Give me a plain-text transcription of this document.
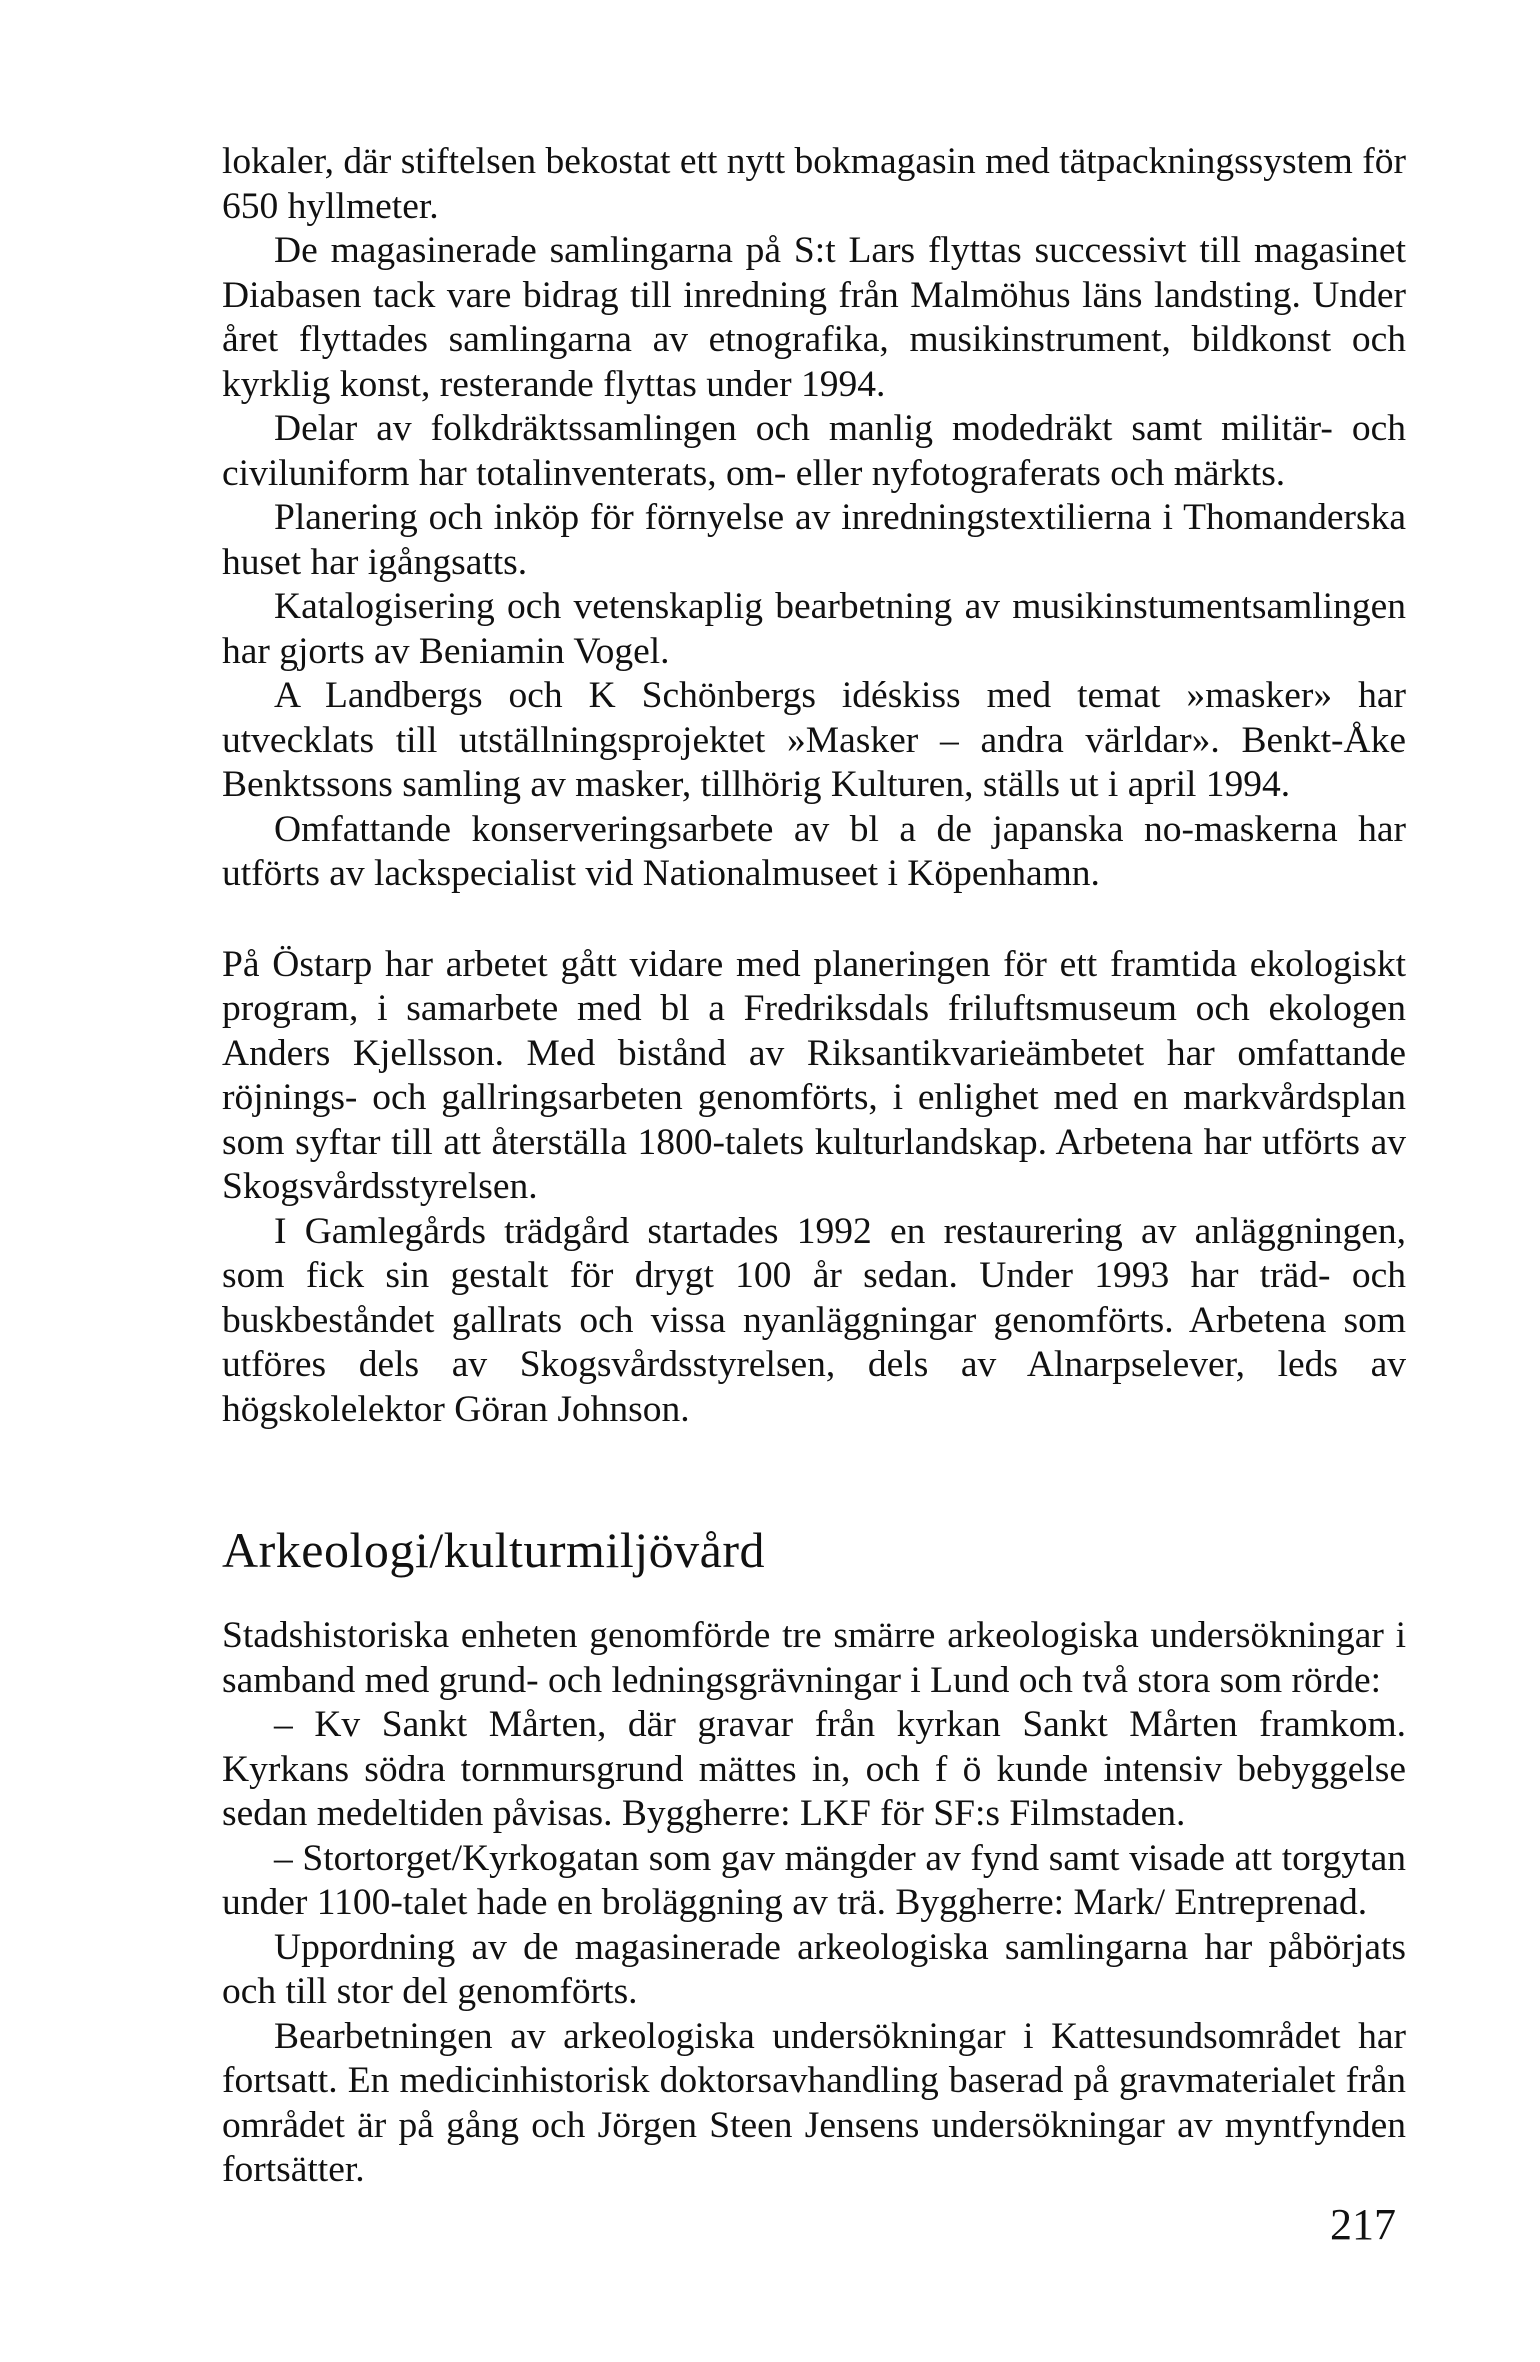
lokaler, där stiftelsen bekostat ett nytt bokmagasin med tätpackningssystem för 650 hyllmeter.

De magasinerade samlingarna på S:t Lars flyttas successivt till magasinet Diabasen tack vare bidrag till inredning från Malmöhus läns landsting. Under året flyttades samlingarna av etnografika, musikinstrument, bildkonst och kyrklig konst, resterande flyttas under 1994.

Delar av folkdräktssamlingen och manlig modedräkt samt militär- och civiluniform har totalinventerats, om- eller nyfotograferats och märkts.

Planering och inköp för förnyelse av inredningstextilierna i Thomanderska huset har igångsatts.

Katalogisering och vetenskaplig bearbetning av musikinstumentsamlingen har gjorts av Beniamin Vogel.

A Landbergs och K Schönbergs idéskiss med temat »masker» har utvecklats till utställningsprojektet »Masker – andra världar». Benkt-Åke Benktssons samling av masker, tillhörig Kulturen, ställs ut i april 1994.

Omfattande konserveringsarbete av bl a de japanska no-maskerna har utförts av lackspecialist vid Nationalmuseet i Köpenhamn.

På Östarp har arbetet gått vidare med planeringen för ett framtida ekologiskt program, i samarbete med bl a Fredriksdals friluftsmuseum och ekologen Anders Kjellsson. Med bistånd av Riksantikvarieämbetet har omfattande röjnings- och gallringsarbeten genomförts, i enlighet med en markvårdsplan som syftar till att återställa 1800-talets kulturlandskap. Arbetena har utförts av Skogsvårdsstyrelsen.

I Gamlegårds trädgård startades 1992 en restaurering av anläggningen, som fick sin gestalt för drygt 100 år sedan. Under 1993 har träd- och buskbeståndet gallrats och vissa nyanläggningar genomförts. Arbetena som utföres dels av Skogsvårdsstyrelsen, dels av Alnarpselever, leds av högskolelektor Göran Johnson.

Arkeologi/kulturmiljövård

Stadshistoriska enheten genomförde tre smärre arkeologiska undersökningar i samband med grund- och ledningsgrävningar i Lund och två stora som rörde:

– Kv Sankt Mårten, där gravar från kyrkan Sankt Mårten framkom. Kyrkans södra tornmursgrund mättes in, och f ö kunde intensiv bebyggelse sedan medeltiden påvisas. Byggherre: LKF för SF:s Filmstaden.

– Stortorget/Kyrkogatan som gav mängder av fynd samt visade att torgytan under 1100-talet hade en broläggning av trä. Byggherre: Mark/ Entreprenad.

Uppordning av de magasinerade arkeologiska samlingarna har påbörjats och till stor del genomförts.

Bearbetningen av arkeologiska undersökningar i Kattesundsområdet har fortsatt. En medicinhistorisk doktorsavhandling baserad på gravmaterialet från området är på gång och Jörgen Steen Jensens undersökningar av myntfynden fortsätter.

217
